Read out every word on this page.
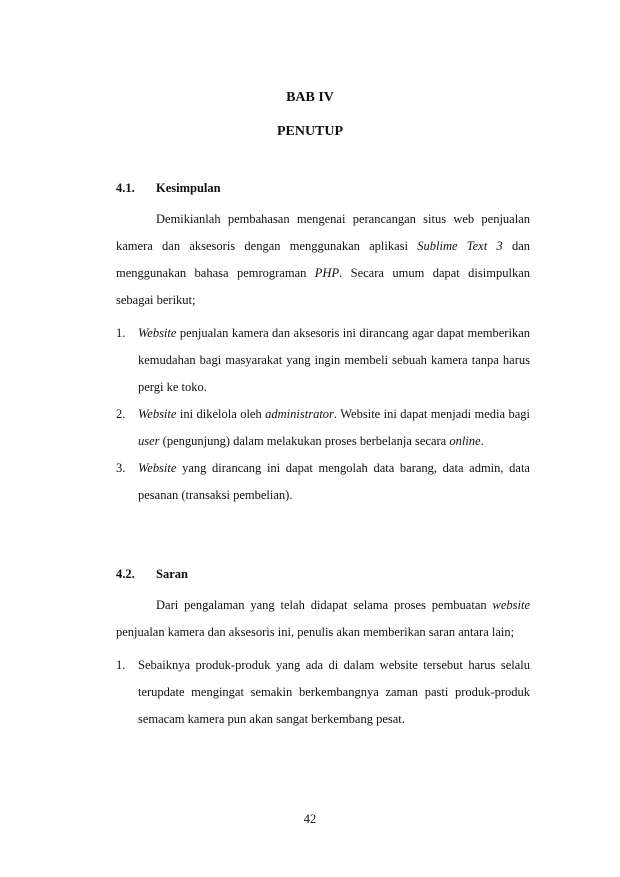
BAB IV
PENUTUP
4.1. Kesimpulan
Demikianlah pembahasan mengenai perancangan situs web penjualan
kamera dan aksesoris dengan menggunakan aplikasi Sublime Text 3 dan
menggunakan bahasa pemrograman PHP. Secara umum dapat disimpulkan
sebagai berikut;
1. Website penjualan kamera dan aksesoris ini dirancang agar dapat memberikan
kemudahan bagi masyarakat yang ingin membeli sebuah kamera tanpa harus
pergi ke toko.
2. Website ini dikelola oleh administrator. Website ini dapat menjadi media bagi
user (pengunjung) dalam melakukan proses berbelanja secara online.
3. Website yang dirancang ini dapat mengolah data barang, data admin, data
pesanan (transaksi pembelian).
4.2. Saran
Dari pengalaman yang telah didapat selama proses pembuatan website
penjualan kamera dan aksesoris ini, penulis akan memberikan saran antara lain;
1. Sebaiknya produk-produk yang ada di dalam website tersebut harus selalu
terupdate mengingat semakin berkembangnya zaman pasti produk-produk
semacam kamera pun akan sangat berkembang pesat.
42
